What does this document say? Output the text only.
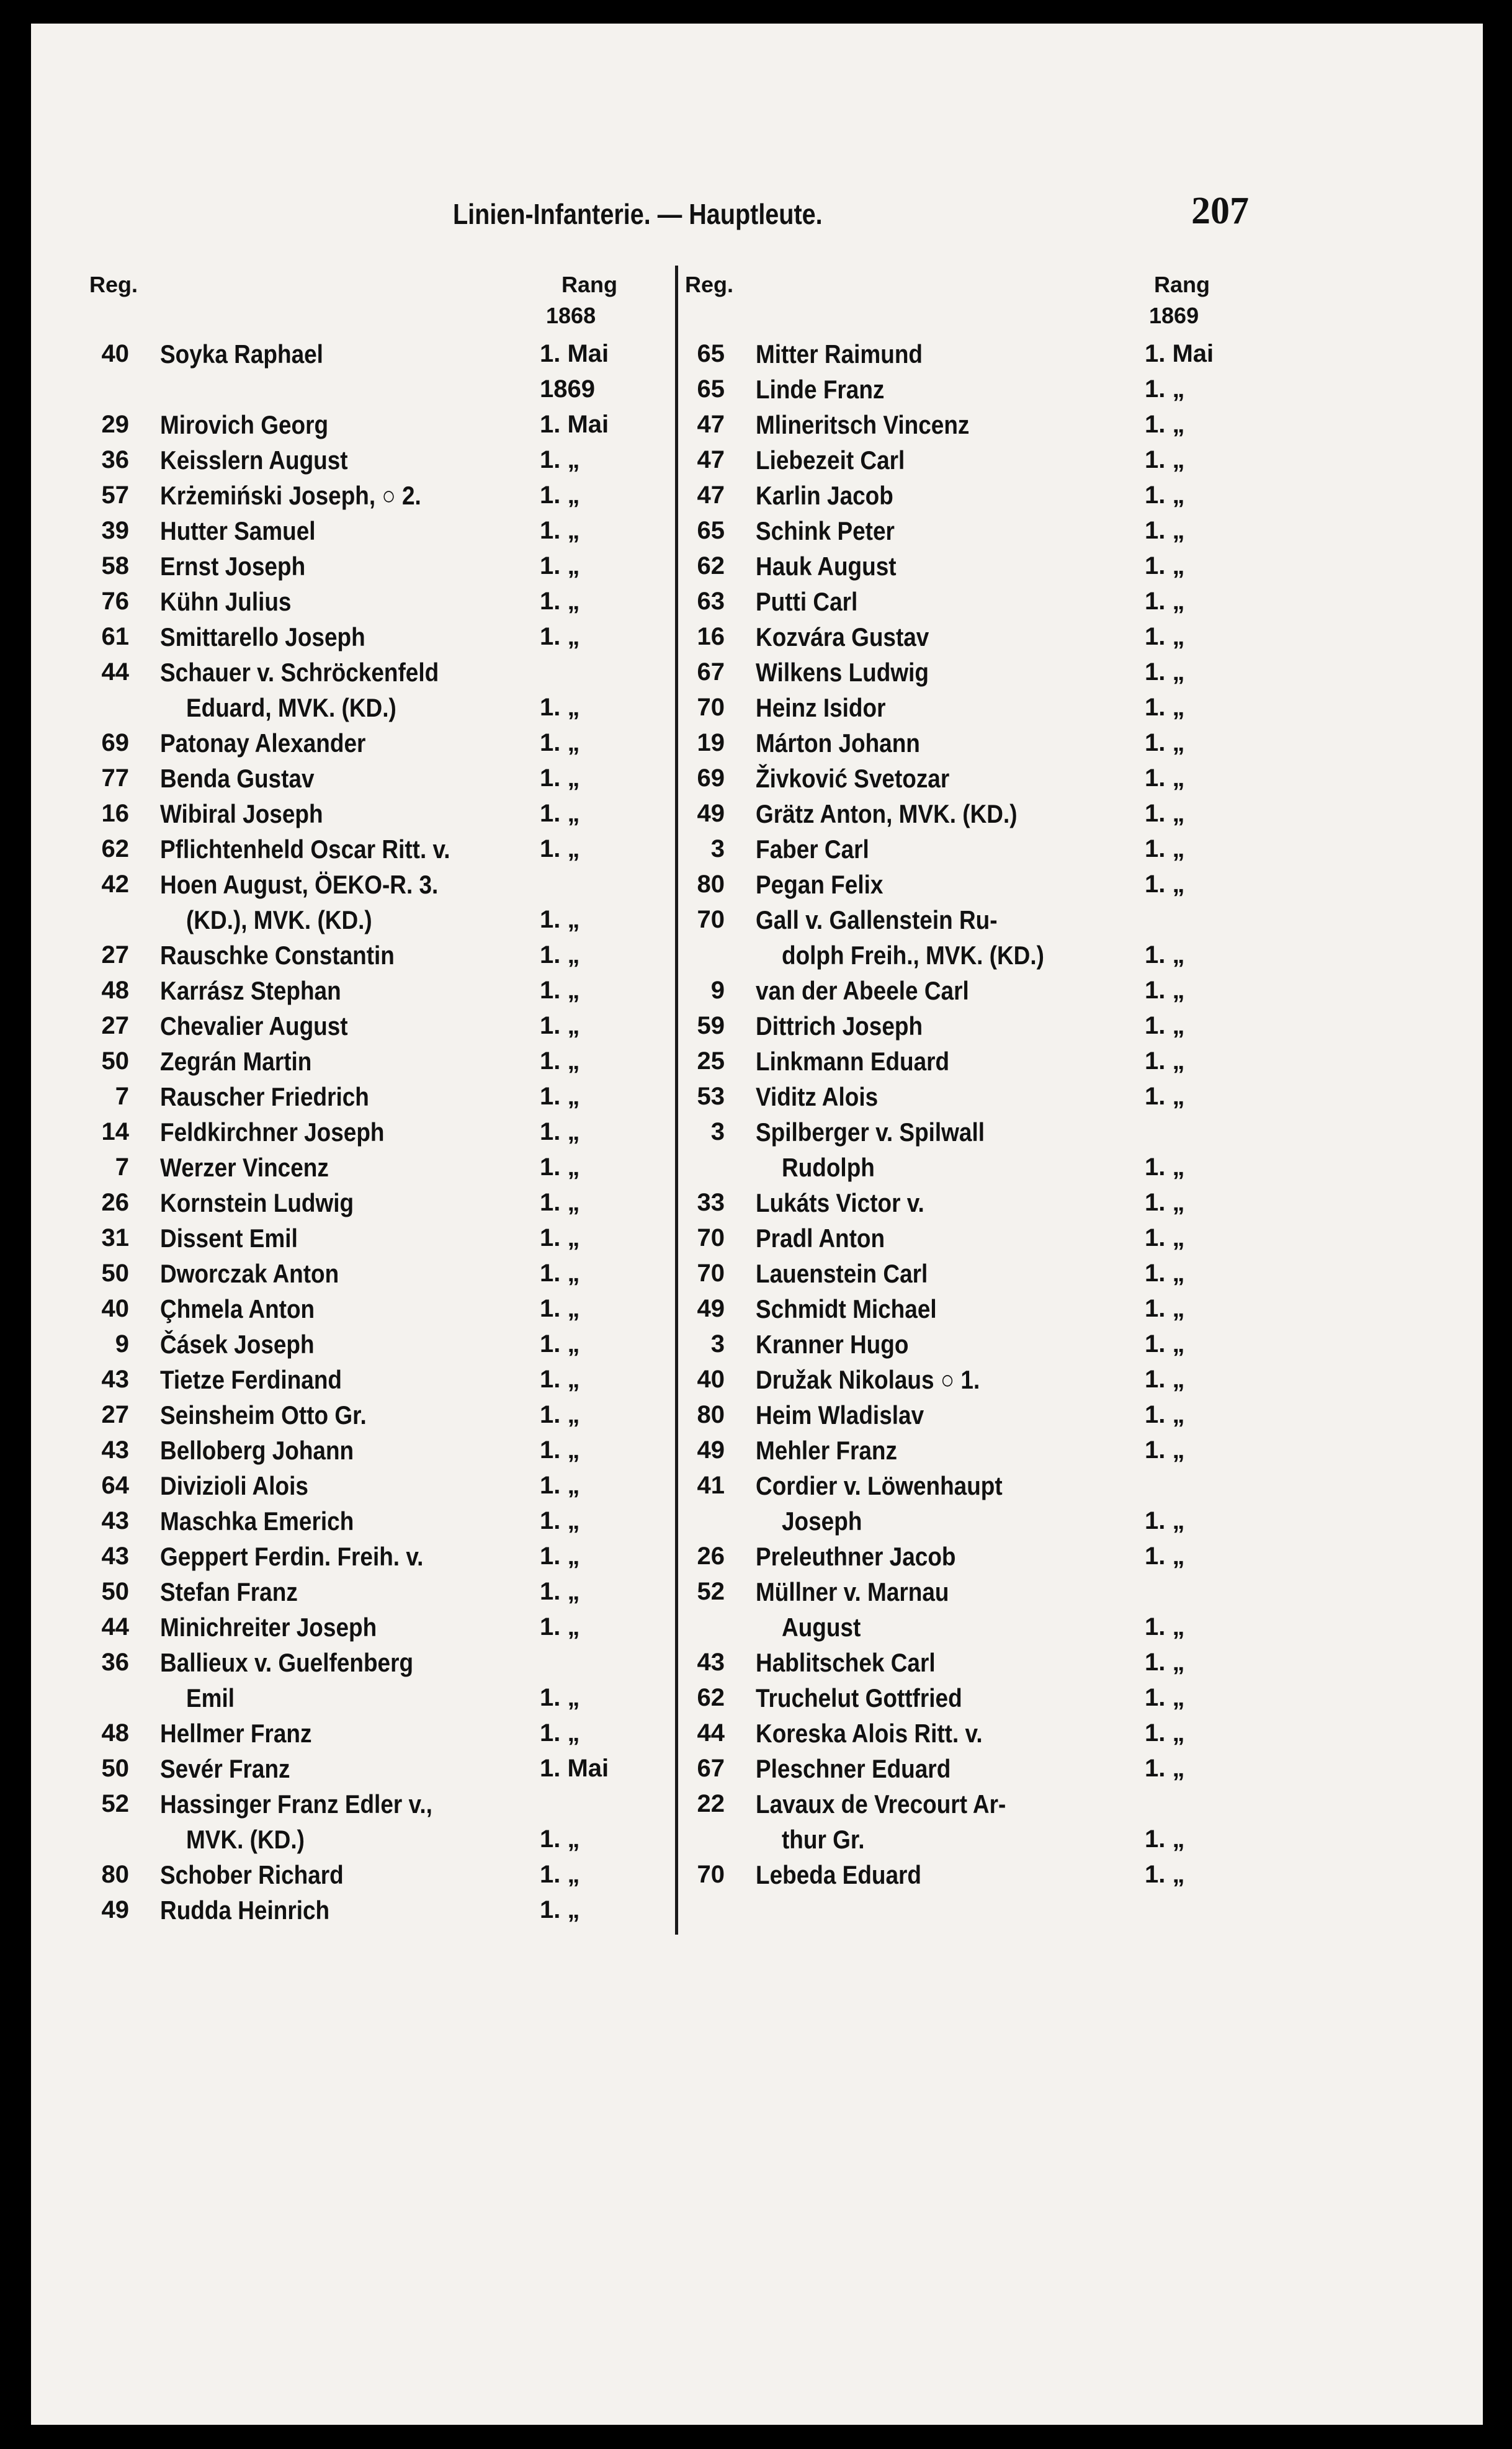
Linien-Infanterie. — Hauptleute.	207
Reg.	Rang
1868
40 Soyka Raphael	1. Mai
1869
29 Mirovich Georg	1. Mai
36 Keisslern August	1. „
57 Krżemiński Joseph, ○ 2.	1. „
39 Hutter Samuel	1. „
58 Ernst Joseph	1. „
76 Kühn Julius	1. „
61 Smittarello Joseph	1. „
44 Schauer v. Schröckenfeld
Eduard, MVK. (KD.)	1. „
69 Patonay Alexander	1. „
77 Benda Gustav	1. „
16 Wibiral Joseph	1. „
62 Pflichtenheld Oscar Ritt. v.	1. „
42 Hoen August, ÖEKO-R. 3.
(KD.), MVK. (KD.)	1. „
27 Rauschke Constantin	1. „
48 Karrász Stephan	1. „
27 Chevalier August	1. „
50 Zegrán Martin	1. „
7 Rauscher Friedrich	1. „
14 Feldkirchner Joseph	1. „
7 Werzer Vincenz	1. „
26 Kornstein Ludwig	1. „
31 Dissent Emil	1. „
50 Dworczak Anton	1. „
40 Çhmela Anton	1. „
9 Čásek Joseph	1. „
43 Tietze Ferdinand	1. „
27 Seinsheim Otto Gr.	1. „
43 Belloberg Johann	1. „
64 Divizioli Alois	1. „
43 Maschka Emerich	1. „
43 Geppert Ferdin. Freih. v.	1. „
50 Stefan Franz	1. „
44 Minichreiter Joseph	1. „
36 Ballieux v. Guelfenberg
Emil	1. „
48 Hellmer Franz	1. „
50 Sevér Franz	1. Mai
52 Hassinger Franz Edler v.,
MVK. (KD.)	1. „
80 Schober Richard	1. „
49 Rudda Heinrich	1. „
Reg.	Rang
1869
65 Mitter Raimund	1. Mai
65 Linde Franz	1. „
47 Mlineritsch Vincenz	1. „
47 Liebezeit Carl	1. „
47 Karlin Jacob	1. „
65 Schink Peter	1. „
62 Hauk August	1. „
63 Putti Carl	1. „
16 Kozvára Gustav	1. „
67 Wilkens Ludwig	1. „
70 Heinz Isidor	1. „
19 Márton Johann	1. „
69 Živković Svetozar	1. „
49 Grätz Anton, MVK. (KD.)	1. „
3 Faber Carl	1. „
80 Pegan Felix	1. „
70 Gall v. Gallenstein Ru-
dolph Freih., MVK. (KD.)	1. „
9 van der Abeele Carl	1. „
59 Dittrich Joseph	1. „
25 Linkmann Eduard	1. „
53 Viditz Alois	1. „
3 Spilberger v. Spilwall
Rudolph	1. „
33 Lukáts Victor v.	1. „
70 Pradl Anton	1. „
70 Lauenstein Carl	1. „
49 Schmidt Michael	1. „
3 Kranner Hugo	1. „
40 Družak Nikolaus ○ 1.	1. „
80 Heim Wladislav	1. „
49 Mehler Franz	1. „
41 Cordier v. Löwenhaupt
Joseph	1. „
26 Preleuthner Jacob	1. „
52 Müllner v. Marnau
August	1. „
43 Hablitschek Carl	1. „
62 Truchelut Gottfried	1. „
44 Koreska Alois Ritt. v.	1. „
67 Pleschner Eduard	1. „
22 Lavaux de Vrecourt Ar-
thur Gr.	1. „
70 Lebeda Eduard	1. „
